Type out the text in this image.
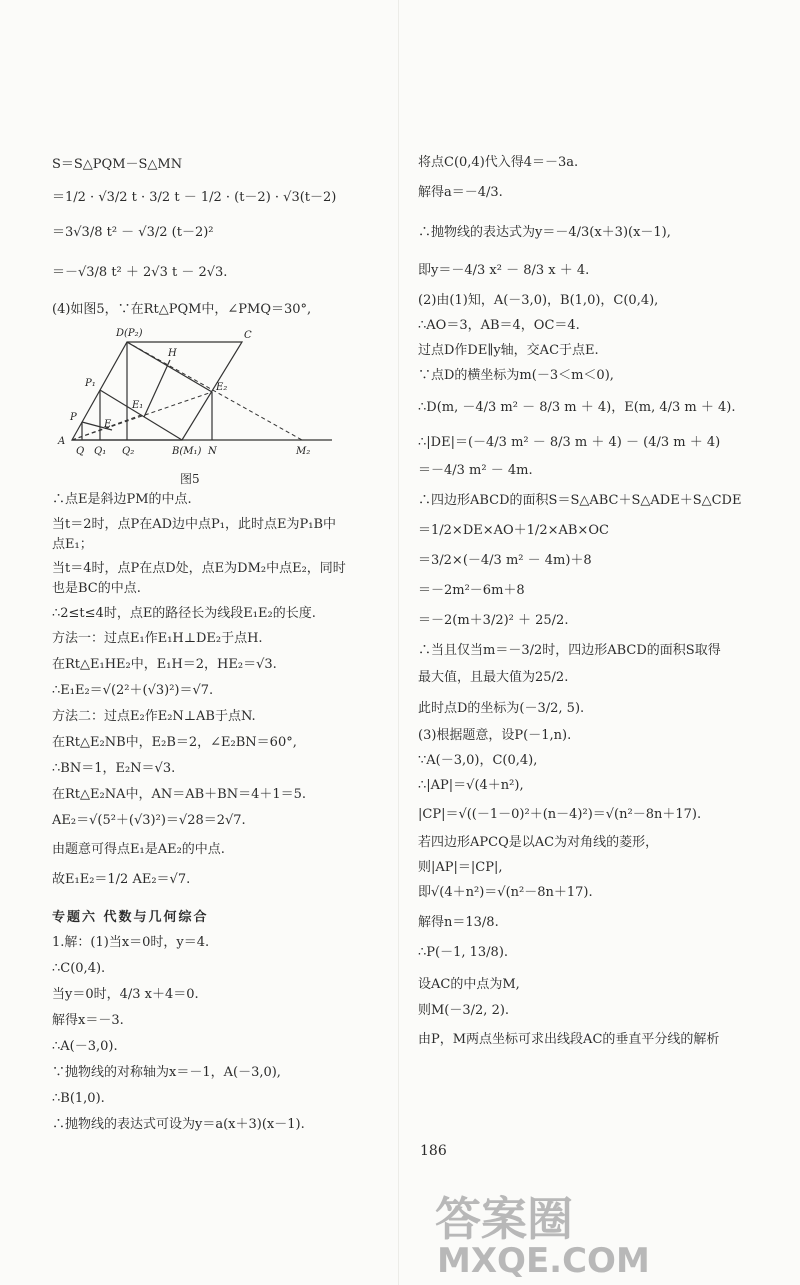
S＝S△PQM－S△MN
＝1/2 · √3/2 t · 3/2 t － 1/2 · (t－2) · √3(t－2)
＝3√3/8 t² － √3/2 (t－2)²
＝－√3/8 t² ＋ 2√3 t － 2√3.
(4)如图5，∵在Rt△PQM中，∠PMQ＝30°,
∴点E是斜边PM的中点.
当t＝2时，点P在AD边中点P₁，此时点E为P₁B中
点E₁；
当t＝4时，点P在点D处，点E为DM₂中点E₂，同时
也是BC的中点.
∴2≤t≤4时，点E的路径长为线段E₁E₂的长度.
方法一：过点E₁作E₁H⊥DE₂于点H.
在Rt△E₁HE₂中，E₁H＝2，HE₂＝√3.
∴E₁E₂＝√(2²＋(√3)²)＝√7.
方法二：过点E₂作E₂N⊥AB于点N.
在Rt△E₂NB中，E₂B＝2，∠E₂BN＝60°,
∴BN＝1，E₂N＝√3.
在Rt△E₂NA中，AN＝AB＋BN＝4＋1＝5.
AE₂＝√(5²＋(√3)²)＝√28＝2√7.
由题意可得点E₁是AE₂的中点.
故E₁E₂＝1/2 AE₂＝√7.
专题六 代数与几何综合
1.解：(1)当x＝0时，y＝4.
∴C(0,4).
当y＝0时，4/3 x＋4＝0.
解得x＝－3.
∴A(－3,0).
∵抛物线的对称轴为x＝－1，A(－3,0),
∴B(1,0).
∴抛物线的表达式可设为y＝a(x＋3)(x－1).
D(P₂)	C
H
P₁	E₂
E₁
P
E
A
Q Q₁ Q₂	B(M₁) N	M₂
图5
将点C(0,4)代入得4＝－3a.
解得a＝－4/3.
∴抛物线的表达式为y＝－4/3(x＋3)(x－1),
即y＝－4/3 x² － 8/3 x ＋ 4.
(2)由(1)知，A(－3,0)，B(1,0)，C(0,4),
∴AO＝3，AB＝4，OC＝4.
过点D作DE∥y轴，交AC于点E.
∵点D的横坐标为m(－3＜m＜0),
∴D(m, －4/3 m² － 8/3 m ＋ 4)，E(m, 4/3 m ＋ 4).
∴|DE|＝(－4/3 m² － 8/3 m ＋ 4) － (4/3 m ＋ 4)
＝－4/3 m² － 4m.
∴四边形ABCD的面积S＝S△ABC＋S△ADE＋S△CDE
＝1/2×DE×AO＋1/2×AB×OC
＝3/2×(－4/3 m² － 4m)＋8
＝－2m²－6m＋8
＝－2(m＋3/2)² ＋ 25/2.
∴当且仅当m＝－3/2时，四边形ABCD的面积S取得
最大值，且最大值为25/2.
此时点D的坐标为(－3/2, 5).
(3)根据题意，设P(－1,n).
∵A(－3,0)，C(0,4),
∴|AP|＝√(4＋n²),
|CP|＝√((－1－0)²＋(n－4)²)＝√(n²－8n＋17).
若四边形APCQ是以AC为对角线的菱形，
则|AP|＝|CP|,
即√(4＋n²)＝√(n²－8n＋17).
解得n＝13/8.
∴P(－1, 13/8).
设AC的中点为M,
则M(－3/2, 2).
由P，M两点坐标可求出线段AC的垂直平分线的解析
186
答案圈
MXQE.COM
